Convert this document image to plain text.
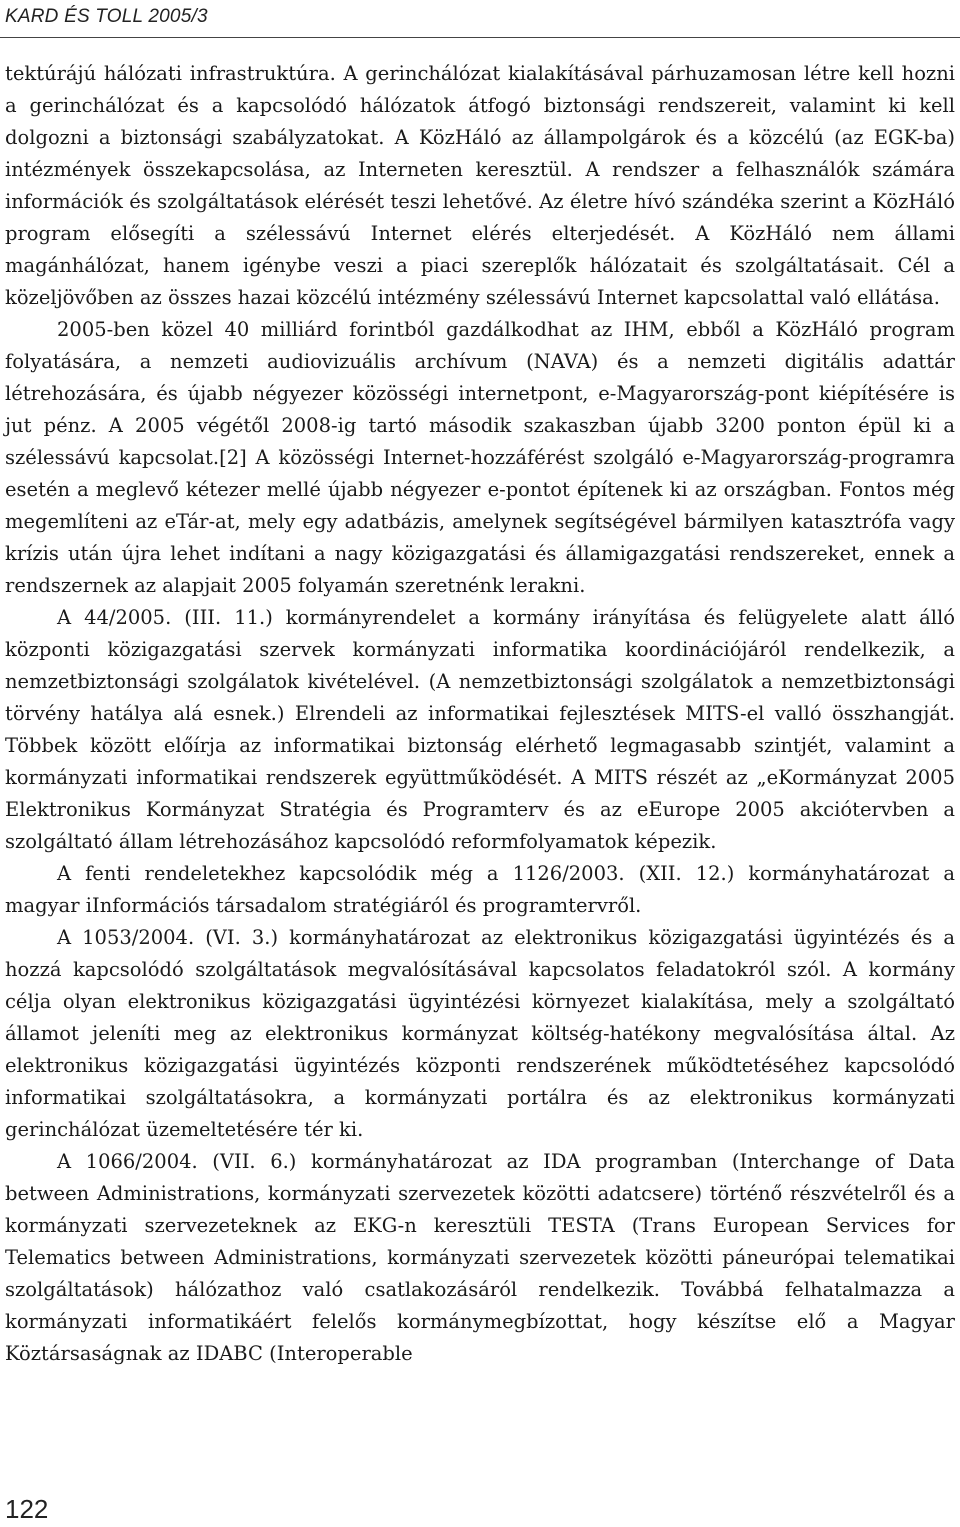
KARD ÉS TOLL 2005/3

tektúrájú hálózati infrastruktúra. A gerinchálózat kialakításával párhuzamosan létre kell hozni a gerinchálózat és a kapcsolódó hálózatok átfogó biztonsági rendszereit, valamint ki kell dolgozni a biztonsági szabályzatokat. A KözHáló az állampolgárok és a közcélú (az EGK-ba) intézmények összekapcsolása, az Interneten keresztül. A rendszer a felhasználók számára információk és szolgáltatások elérését teszi lehetővé. Az életre hívó szándéka szerint a KözHáló program elősegíti a szélessávú Internet elérés elterjedését. A KözHáló nem állami magánhálózat, hanem igénybe veszi a piaci szereplők hálózatait és szolgáltatásait. Cél a közeljövőben az összes hazai közcélú intézmény szélessávú Internet kapcsolattal való ellátása.

2005-ben közel 40 milliárd forintból gazdálkodhat az IHM, ebből a KözHáló program folyatására, a nemzeti audiovizuális archívum (NAVA) és a nemzeti digitális adattár létrehozására, és újabb négyezer közösségi internetpont, e-Magyarország-pont kiépítésére is jut pénz. A 2005 végétől 2008-ig tartó második szakaszban újabb 3200 ponton épül ki a szélessávú kapcsolat.[2] A közösségi Internet-hozzáférést szolgáló e-Magyarország-programra esetén a meglevő kétezer mellé újabb négyezer e-pontot építenek ki az országban. Fontos még megemlíteni az eTár-at, mely egy adatbázis, amelynek segítségével bármilyen katasztrófa vagy krízis után újra lehet indítani a nagy közigazgatási és államigazgatási rendszereket, ennek a rendszernek az alapjait 2005 folyamán szeretnénk lerakni.

A 44/2005. (III. 11.) kormányrendelet a kormány irányítása és felügyelete alatt álló központi közigazgatási szervek kormányzati informatika koordinációjáról rendelkezik, a nemzetbiztonsági szolgálatok kivételével. (A nemzetbiztonsági szolgálatok a nemzetbiztonsági törvény hatálya alá esnek.) Elrendeli az informatikai fejlesztések MITS-el valló összhangját. Többek között előírja az informatikai biztonság elérhető legmagasabb szintjét, valamint a kormányzati informatikai rendszerek együttműködését. A MITS részét az „eKormányzat 2005 Elektronikus Kormányzat Stratégia és Programterv és az eEurope 2005 akciótervben a szolgáltató állam létrehozásához kapcsolódó reformfolyamatok képezik.

A fenti rendeletekhez kapcsolódik még a 1126/2003. (XII. 12.) kormányhatározat a magyar iInformációs társadalom stratégiáról és programtervről.

A 1053/2004. (VI. 3.) kormányhatározat az elektronikus közigazgatási ügyintézés és a hozzá kapcsolódó szolgáltatások megvalósításával kapcsolatos feladatokról szól. A kormány célja olyan elektronikus közigazgatási ügyintézési környezet kialakítása, mely a szolgáltató államot jeleníti meg az elektronikus kormányzat költség-hatékony megvalósítása által. Az elektronikus közigazgatási ügyintézés központi rendszerének működtetéséhez kapcsolódó informatikai szolgáltatásokra, a kormányzati portálra és az elektronikus kormányzati gerinchálózat üzemeltetésére tér ki.

A 1066/2004. (VII. 6.) kormányhatározat az IDA programban (Interchange of Data between Administrations, kormányzati szervezetek közötti adatcsere) történő részvételről és a kormányzati szervezeteknek az EKG-n keresztüli TESTA (Trans European Services for Telematics between Administrations, kormányzati szervezetek közötti páneurópai telematikai szolgáltatások) hálózathoz való csatlakozásáról rendelkezik. Továbbá felhatalmazza a kormányzati informatikáért felelős kormánymegbízottat, hogy készítse elő a Magyar Köztársaságnak az IDABC (Interoperable

122
